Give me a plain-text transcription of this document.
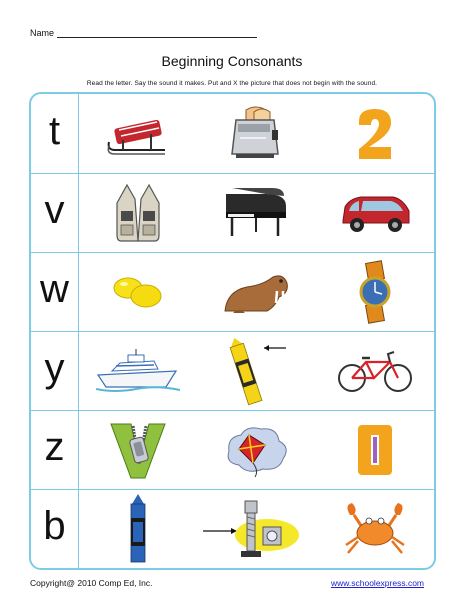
Name
Beginning Consonants
Read the letter. Say the sound it makes. Put and X the picture that does not begin with the sound.
t
v
w
y
z
b
Copyright@ 2010 Comp Ed, Inc.	www.schoolexpress.com
